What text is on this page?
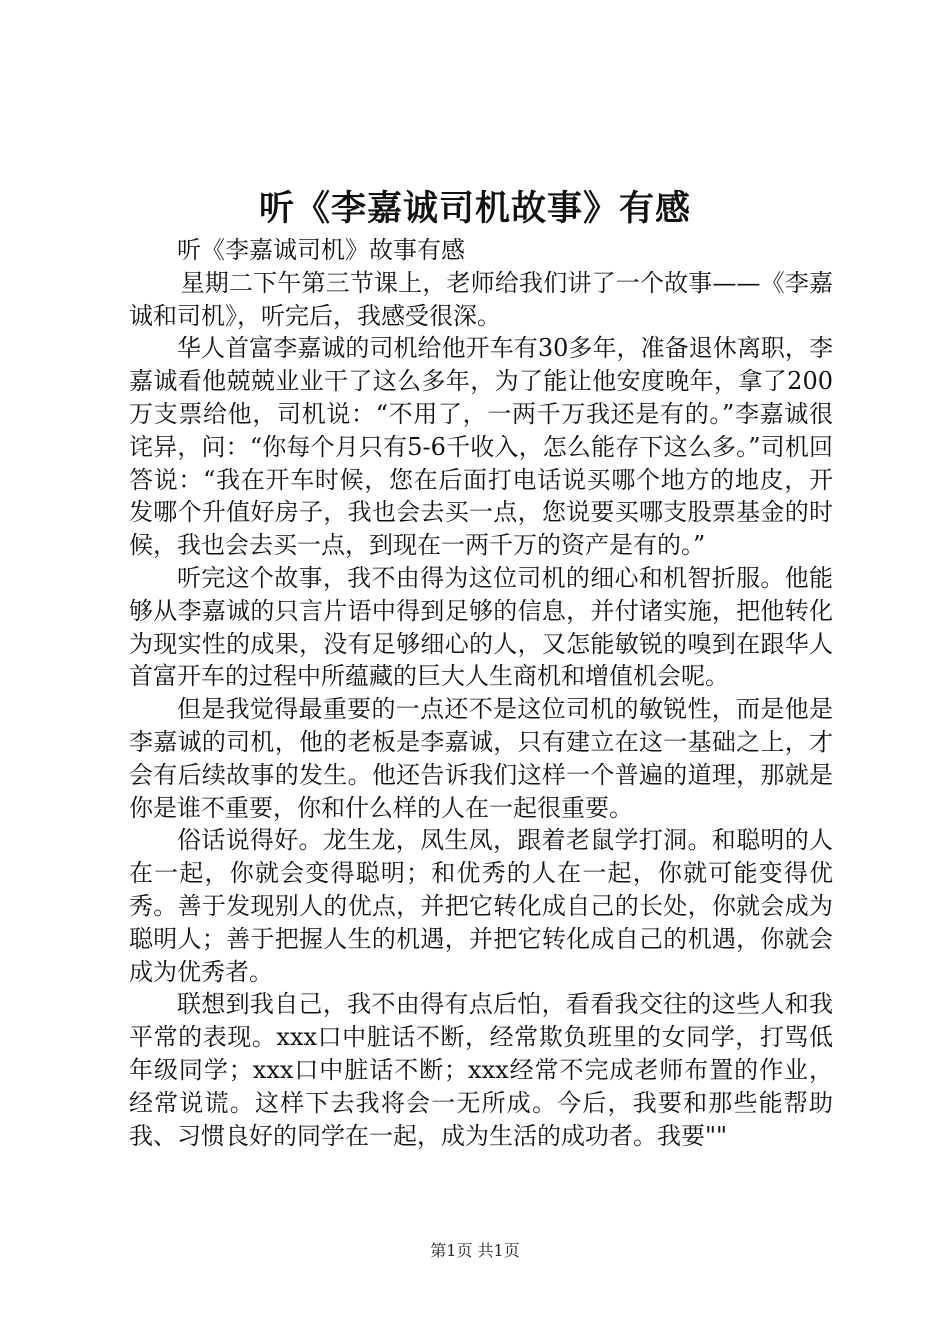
听《李嘉诚司机故事》有感

听《李嘉诚司机》故事有感

星期二下午第三节课上，老师给我们讲了一个故事——《李嘉诚和司机》，听完后，我感受很深。

华人首富李嘉诚的司机给他开车有30多年，准备退休离职，李嘉诚看他兢兢业业干了这么多年，为了能让他安度晚年，拿了200万支票给他，司机说：“不用了，一两千万我还是有的。”李嘉诚很诧异，问：“你每个月只有5-6千收入，怎么能存下这么多。”司机回答说：“我在开车时候，您在后面打电话说买哪个地方的地皮，开发哪个升值好房子，我也会去买一点，您说要买哪支股票基金的时候，我也会去买一点，到现在一两千万的资产是有的。”

听完这个故事，我不由得为这位司机的细心和机智折服。他能够从李嘉诚的只言片语中得到足够的信息，并付诸实施，把他转化为现实性的成果，没有足够细心的人，又怎能敏锐的嗅到在跟华人首富开车的过程中所蕴藏的巨大人生商机和增值机会呢。

但是我觉得最重要的一点还不是这位司机的敏锐性，而是他是李嘉诚的司机，他的老板是李嘉诚，只有建立在这一基础之上，才会有后续故事的发生。他还告诉我们这样一个普遍的道理，那就是你是谁不重要，你和什么样的人在一起很重要。

俗话说得好。龙生龙，凤生凤，跟着老鼠学打洞。和聪明的人在一起，你就会变得聪明；和优秀的人在一起，你就可能变得优秀。善于发现别人的优点，并把它转化成自己的长处，你就会成为聪明人；善于把握人生的机遇，并把它转化成自己的机遇，你就会成为优秀者。

联想到我自己，我不由得有点后怕，看看我交往的这些人和我平常的表现。xxx口中脏话不断，经常欺负班里的女同学，打骂低年级同学；xxx口中脏话不断；xxx经常不完成老师布置的作业，经常说谎。这样下去我将会一无所成。今后，我要和那些能帮助我、习惯良好的同学在一起，成为生活的成功者。我要""

第1页 共1页
